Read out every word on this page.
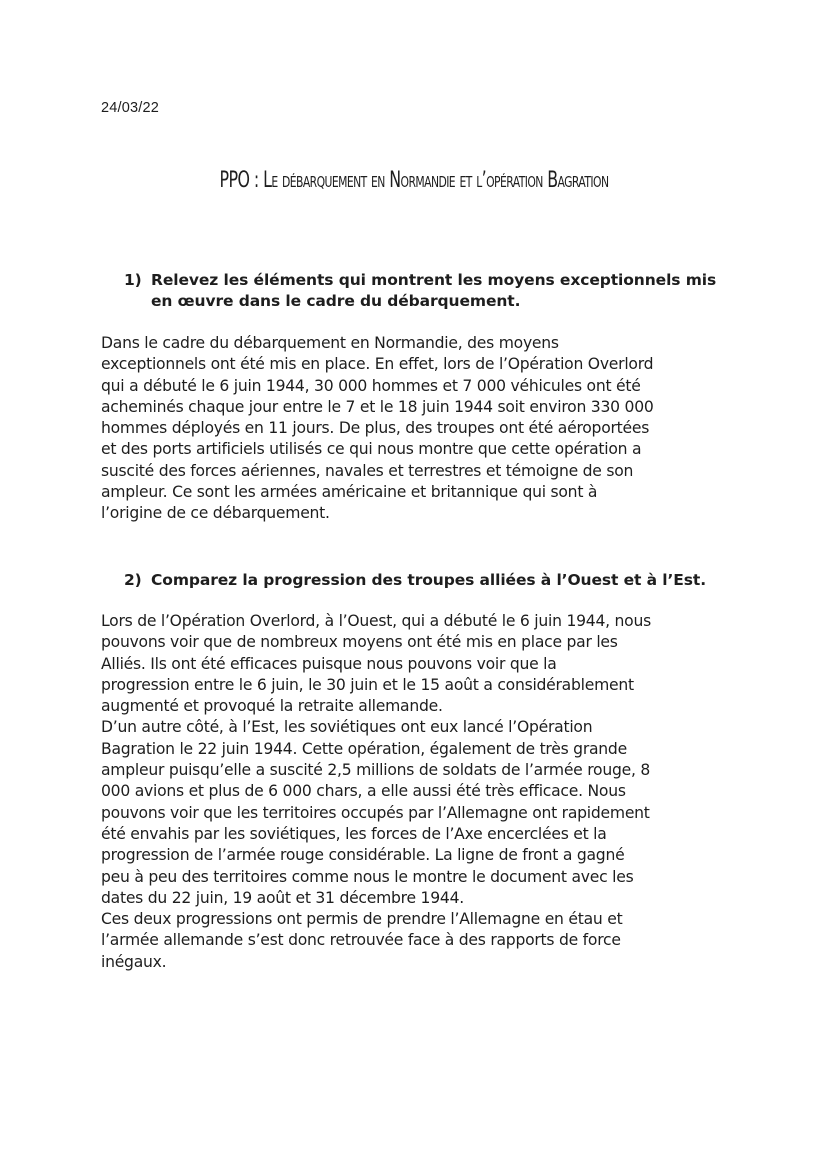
24/03/22
PPO : Le débarquement en Normandie et l’opération Bagration
1) Relevez les éléments qui montrent les moyens exceptionnels mis
en œuvre dans le cadre du débarquement.
Dans le cadre du débarquement en Normandie, des moyens
exceptionnels ont été mis en place. En effet, lors de l’Opération Overlord
qui a débuté le 6 juin 1944, 30 000 hommes et 7 000 véhicules ont été
acheminés chaque jour entre le 7 et le 18 juin 1944 soit environ 330 000
hommes déployés en 11 jours. De plus, des troupes ont été aéroportées
et des ports artificiels utilisés ce qui nous montre que cette opération a
suscité des forces aériennes, navales et terrestres et témoigne de son
ampleur. Ce sont les armées américaine et britannique qui sont à
l’origine de ce débarquement.
2) Comparez la progression des troupes alliées à l’Ouest et à l’Est.
Lors de l’Opération Overlord, à l’Ouest, qui a débuté le 6 juin 1944, nous
pouvons voir que de nombreux moyens ont été mis en place par les
Alliés. Ils ont été efficaces puisque nous pouvons voir que la
progression entre le 6 juin, le 30 juin et le 15 août a considérablement
augmenté et provoqué la retraite allemande.
D’un autre côté, à l’Est, les soviétiques ont eux lancé l’Opération
Bagration le 22 juin 1944. Cette opération, également de très grande
ampleur puisqu’elle a suscité 2,5 millions de soldats de l’armée rouge, 8
000 avions et plus de 6 000 chars, a elle aussi été très efficace. Nous
pouvons voir que les territoires occupés par l’Allemagne ont rapidement
été envahis par les soviétiques, les forces de l’Axe encerclées et la
progression de l’armée rouge considérable. La ligne de front a gagné
peu à peu des territoires comme nous le montre le document avec les
dates du 22 juin, 19 août et 31 décembre 1944.
Ces deux progressions ont permis de prendre l’Allemagne en étau et
l’armée allemande s’est donc retrouvée face à des rapports de force
inégaux.
